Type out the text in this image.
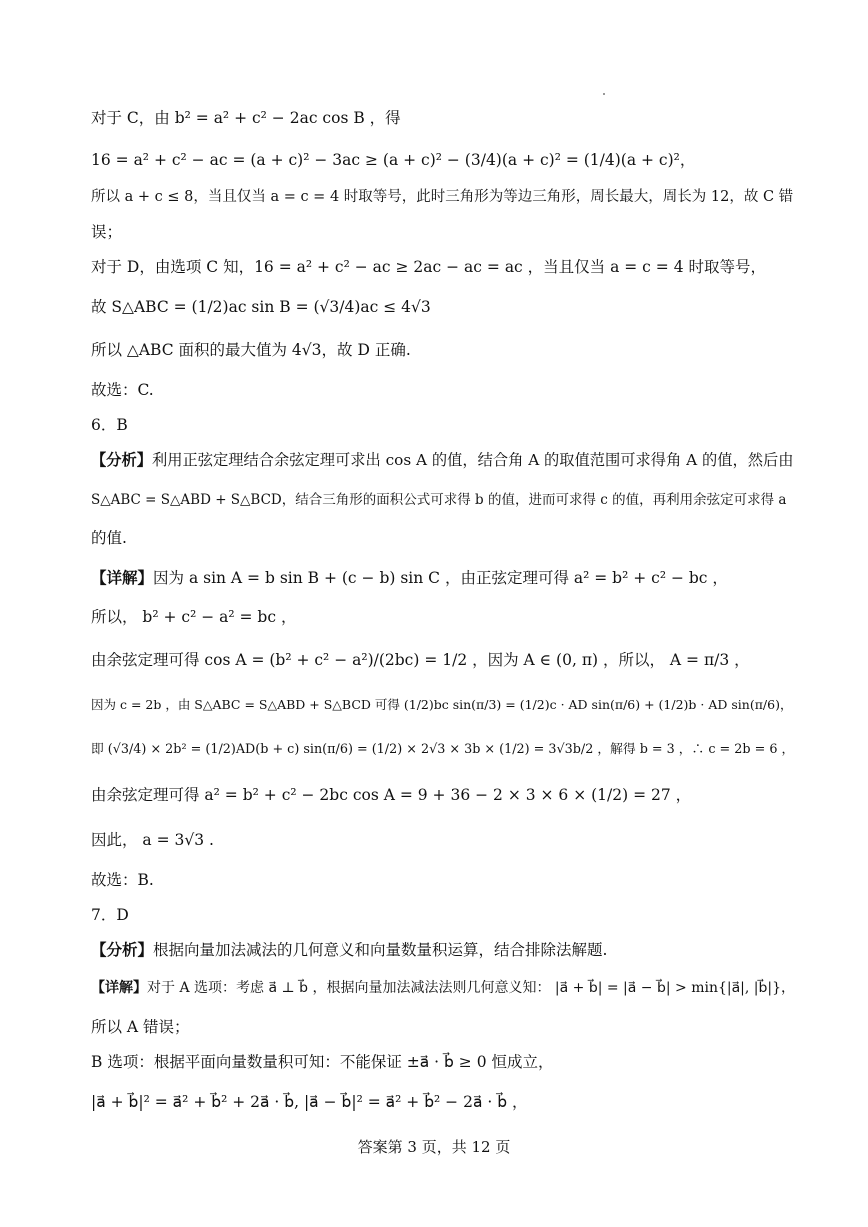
对于 C，由 b² = a² + c² − 2ac cos B ，得
16 = a² + c² − ac = (a + c)² − 3ac ≥ (a + c)² − (3/4)(a + c)² = (1/4)(a + c)²，
所以 a + c ≤ 8，当且仅当 a = c = 4 时取等号，此时三角形为等边三角形，周长最大，周长为 12，故 C 错
误；
对于 D，由选项 C 知，16 = a² + c² − ac ≥ 2ac − ac = ac ，当且仅当 a = c = 4 时取等号，
故 S△ABC = (1/2)ac sin B = (√3/4)ac ≤ 4√3
所以 △ABC 面积的最大值为 4√3，故 D 正确.
故选：C.
6．B
【分析】利用正弦定理结合余弦定理可求出 cos A 的值，结合角 A 的取值范围可求得角 A 的值，然后由
S△ABC = S△ABD + S△BCD，结合三角形的面积公式可求得 b 的值，进而可求得 c 的值，再利用余弦定可求得 a
的值.
【详解】因为 a sin A = b sin B + (c − b) sin C ，由正弦定理可得 a² = b² + c² − bc ，
所以， b² + c² − a² = bc ，
由余弦定理可得 cos A = (b² + c² − a²)/(2bc) = 1/2 ，因为 A ∈ (0, π) ，所以， A = π/3 ，
因为 c = 2b ，由 S△ABC = S△ABD + S△BCD 可得 (1/2)bc sin(π/3) = (1/2)c · AD sin(π/6) + (1/2)b · AD sin(π/6)，
即 (√3/4) × 2b² = (1/2)AD(b + c) sin(π/6) = (1/2) × 2√3 × 3b × (1/2) = 3√3b/2 ，解得 b = 3 ，∴ c = 2b = 6 ，
由余弦定理可得 a² = b² + c² − 2bc cos A = 9 + 36 − 2 × 3 × 6 × (1/2) = 27 ，
因此， a = 3√3 .
故选：B.
7．D
【分析】根据向量加法减法的几何意义和向量数量积运算，结合排除法解题.
【详解】对于 A 选项：考虑 a⃗ ⊥ b⃗ ，根据向量加法减法法则几何意义知： |a⃗ + b⃗| = |a⃗ − b⃗| > min{|a⃗|, |b⃗|}，
所以 A 错误；
B 选项：根据平面向量数量积可知：不能保证 ±a⃗ · b⃗ ≥ 0 恒成立，
|a⃗ + b⃗|² = a⃗² + b⃗² + 2a⃗ · b⃗, |a⃗ − b⃗|² = a⃗² + b⃗² − 2a⃗ · b⃗ ，
答案第 3 页，共 12 页
